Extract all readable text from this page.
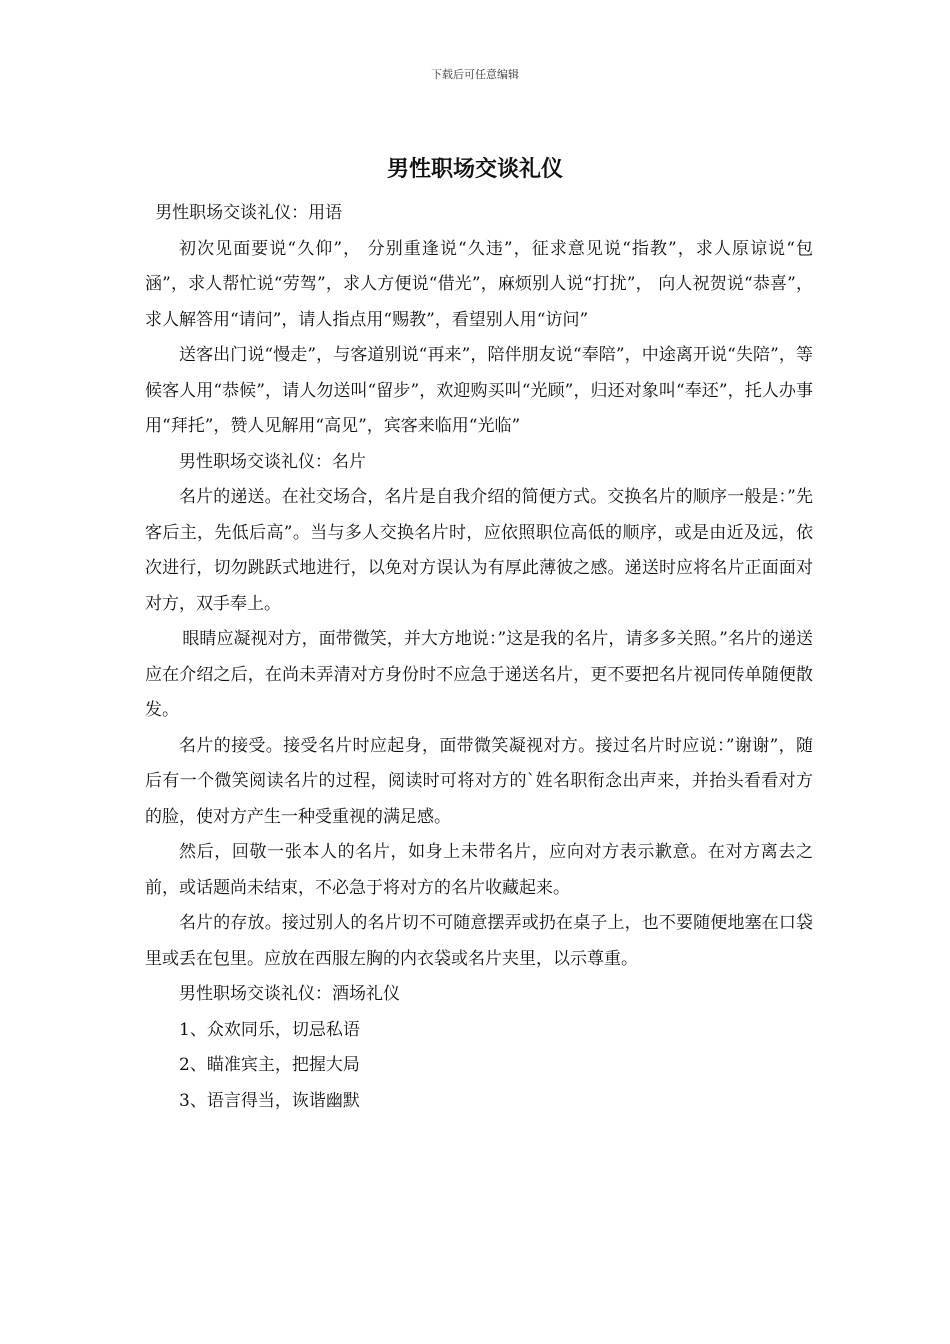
下载后可任意编辑
男性职场交谈礼仪

男性职场交谈礼仪：用语

初次见面要说“久仰”， 分别重逢说“久违”，征求意见说“指教”，求人原谅说“包涵”，求人帮忙说“劳驾”，求人方便说“借光”，麻烦别人说“打扰”， 向人祝贺说“恭喜”，求人解答用“请问”，请人指点用“赐教”，看望别人用“访问”

送客出门说“慢走”，与客道别说“再来”，陪伴朋友说“奉陪”，中途离开说“失陪”，等候客人用“恭候”，请人勿送叫“留步”，欢迎购买叫“光顾”，归还对象叫“奉还”，托人办事用“拜托”，赞人见解用“高见”，宾客来临用“光临”

男性职场交谈礼仪：名片

名片的递送。在社交场合，名片是自我介绍的简便方式。交换名片的顺序一般是：”先客后主，先低后高”。当与多人交换名片时，应依照职位高低的顺序，或是由近及远，依次进行，切勿跳跃式地进行，以免对方误认为有厚此薄彼之感。递送时应将名片正面面对对方，双手奉上。

眼睛应凝视对方，面带微笑，并大方地说：”这是我的名片，请多多关照。”名片的递送应在介绍之后，在尚未弄清对方身份时不应急于递送名片，更不要把名片视同传单随便散发。

名片的接受。接受名片时应起身，面带微笑凝视对方。接过名片时应说：”谢谢”，随后有一个微笑阅读名片的过程，阅读时可将对方的`姓名职衔念出声来，并抬头看看对方的脸，使对方产生一种受重视的满足感。

然后，回敬一张本人的名片，如身上未带名片，应向对方表示歉意。在对方离去之前，或话题尚未结束，不必急于将对方的名片收藏起来。

名片的存放。接过别人的名片切不可随意摆弄或扔在桌子上，也不要随便地塞在口袋里或丢在包里。应放在西服左胸的内衣袋或名片夹里，以示尊重。

男性职场交谈礼仪：酒场礼仪

1、众欢同乐，切忌私语

2、瞄准宾主，把握大局

3、语言得当，诙谐幽默
